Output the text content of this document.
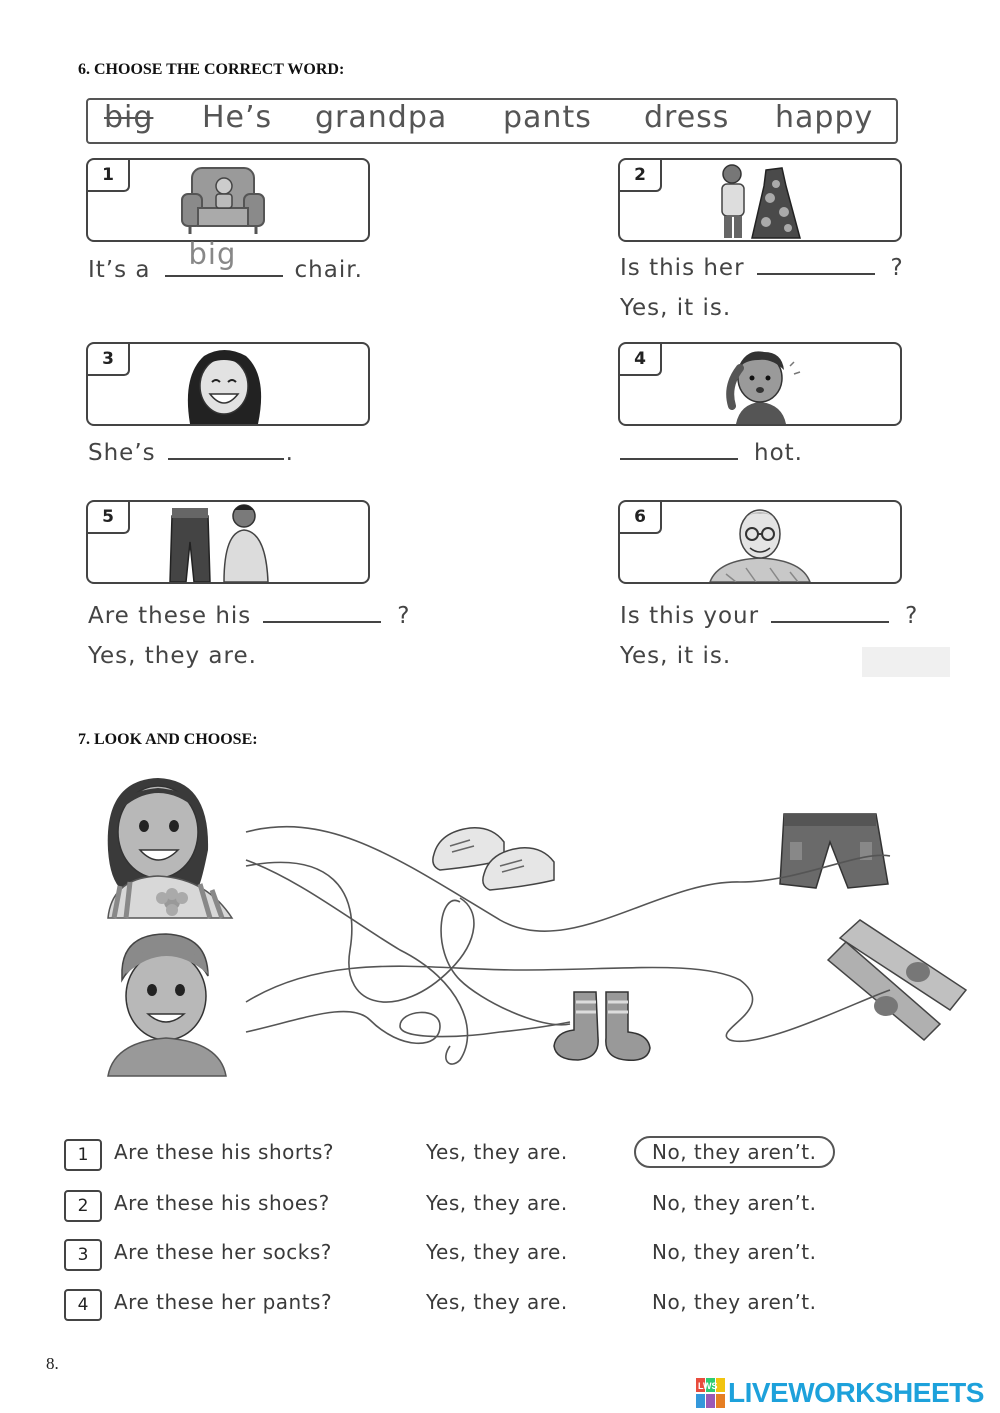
6. CHOOSE THE CORRECT WORD:
big He’s grandpa pants dress happy
1
It’s a big	chair.
2
Is this her	?
Yes, it is.
3
She’s	.
4
hot.
5
Are these his	?
Yes, they are.
6
Is this your	?
Yes, it is.
7. LOOK AND CHOOSE:
1	Are these his shorts?	Yes, they are.	No, they aren’t.
2	Are these his shoes?	Yes, they are.	No, they aren’t.
3	Are these her socks?	Yes, they are.	No, they aren’t.
4	Are these her pants?	Yes, they are.	No, they aren’t.
8.
LWS LIVEWORKSHEETS
